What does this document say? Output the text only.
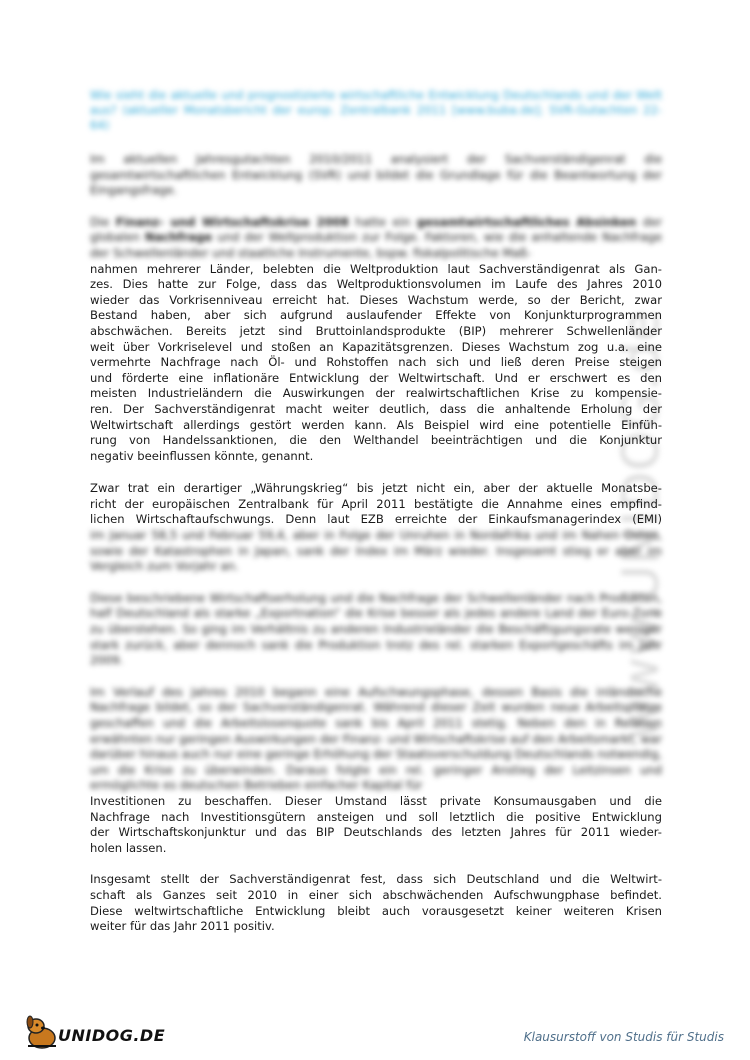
www.UNIDOG.de

Wie sieht die aktuelle und prognostizierte wirtschaftliche Entwicklung Deutschlands und der Welt aus? (aktueller Monatsbericht der europ. Zentralbank 2011 [www.buba.de]; SVR-Gutachten 22-64)

Im aktuellen Jahresgutachten 2010/2011 analysiert der Sachverständigenrat die gesamtwirtschaftlichen Entwicklung (SVR) und bildet die Grundlage für die Beantwortung der Eingangsfrage.

Die Finanz- und Wirtschaftskrise 2008 hatte ein gesamtwirtschaftliches Absinken der globalen Nachfrage und der Weltproduktion zur Folge. Faktoren, wie die anhaltende Nachfrage der Schwellenländer und staatliche Instrumente, bspw. fiskalpolitische Maß-
nahmen mehrerer Länder, belebten die Weltproduktion laut Sachverständigenrat als Gan-
zes. Dies hatte zur Folge, dass das Weltproduktionsvolumen im Laufe des Jahres 2010
wieder das Vorkrisenniveau erreicht hat. Dieses Wachstum werde, so der Bericht, zwar
Bestand haben, aber sich aufgrund auslaufender Effekte von Konjunkturprogrammen
abschwächen. Bereits jetzt sind Bruttoinlandsprodukte (BIP) mehrerer Schwellenländer
weit über Vorkriselevel und stoßen an Kapazitätsgrenzen. Dieses Wachstum zog u.a. eine
vermehrte Nachfrage nach Öl- und Rohstoffen nach sich und ließ deren Preise steigen
und förderte eine inflationäre Entwicklung der Weltwirtschaft. Und er erschwert es den
meisten Industrieländern die Auswirkungen der realwirtschaftlichen Krise zu kompensie-
ren. Der Sachverständigenrat macht weiter deutlich, dass die anhaltende Erholung der
Weltwirtschaft allerdings gestört werden kann. Als Beispiel wird eine potentielle Einfüh-
rung von Handelssanktionen, die den Welthandel beeinträchtigen und die Konjunktur
negativ beeinflussen könnte, genannt.
Zwar trat ein derartiger „Währungskrieg“ bis jetzt nicht ein, aber der aktuelle Monatsbe-
richt der europäischen Zentralbank für April 2011 bestätigte die Annahme eines empfind-
lichen Wirtschaftaufschwungs. Denn laut EZB erreichte der Einkaufsmanagerindex (EMI)
im Januar 58,5 und Februar 59,4, aber in Folge der Unruhen in Nordafrika und im Nahen Osten, sowie der Katastrophen in Japan, sank der Index im März wieder. Insgesamt stieg er aber im Vergleich zum Vorjahr an.

Diese beschriebene Wirtschaftserholung und die Nachfrage der Schwellenländer nach Produkten, half Deutschland als starke „Exportnation“ die Krise besser als jedes andere Land der Euro-Zone zu überstehen. So ging im Verhältnis zu anderen Industrieländer die Beschäftigungsrate weniger stark zurück, aber dennoch sank die Produktion trotz des rel. starken Exportgeschäfts im Jahr 2009.

Im Verlauf des Jahres 2010 begann eine Aufschwungsphase, dessen Basis die inländische Nachfrage bildet, so der Sachverständigenrat. Während dieser Zeit wurden neue Arbeitsplätze geschaffen und die Arbeitslosenquote sank bis April 2011 stetig. Neben den in Relation erwähnten nur geringen Auswirkungen der Finanz- und Wirtschaftskrise auf den Arbeitsmarkt, war darüber hinaus auch nur eine geringe Erhöhung der Staatsverschuldung Deutschlands notwendig, um die Krise zu überwinden. Daraus folgte ein rel. geringer Anstieg der Leitzinsen und ermöglichte es deutschen Betrieben einfacher Kapital für
Investitionen zu beschaffen. Dieser Umstand lässt private Konsumausgaben und die
Nachfrage nach Investitionsgütern ansteigen und soll letztlich die positive Entwicklung
der Wirtschaftskonjunktur und das BIP Deutschlands des letzten Jahres für 2011 wieder-
holen lassen.
Insgesamt stellt der Sachverständigenrat fest, dass sich Deutschland und die Weltwirt-
schaft als Ganzes seit 2010 in einer sich abschwächenden Aufschwungphase befindet.
Diese weltwirtschaftliche Entwicklung bleibt auch vorausgesetzt keiner weiteren Krisen
weiter für das Jahr 2011 positiv.
UNIDOG.DE	Klausurstoff von Studis für Studis
